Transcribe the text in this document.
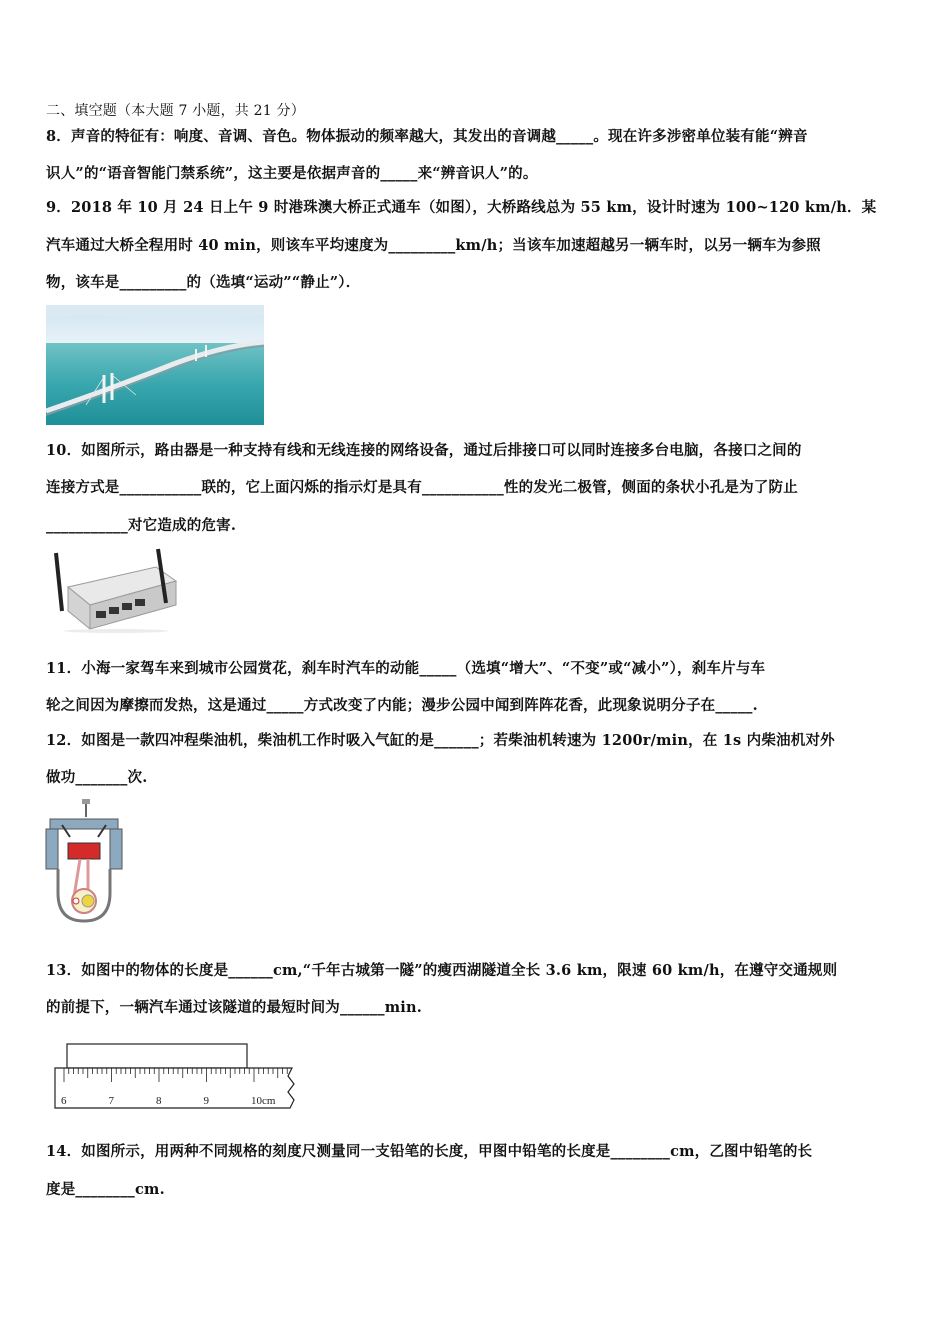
二、填空题（本大题 7 小题，共 21 分）
8．声音的特征有：响度、音调、音色。物体振动的频率越大，其发出的音调越_____。现在许多涉密单位装有能“辨音
识人”的“语音智能门禁系统”，这主要是依据声音的_____来“辨音识人”的。
9．2018 年 10 月 24 日上午 9 时港珠澳大桥正式通车（如图），大桥路线总为 55 km，设计时速为 100~120 km/h．某
汽车通过大桥全程用时 40 min，则该车平均速度为_________km/h；当该车加速超越另一辆车时，以另一辆车为参照
物，该车是_________的（选填“运动”“静止”）．
10．如图所示，路由器是一种支持有线和无线连接的网络设备，通过后排接口可以同时连接多台电脑，各接口之间的
连接方式是___________联的，它上面闪烁的指示灯是具有___________性的发光二极管，侧面的条状小孔是为了防止
___________对它造成的危害.
11．小海一家驾车来到城市公园赏花，刹车时汽车的动能_____（选填“增大”、“不变”或“减小”），刹车片与车
轮之间因为摩擦而发热，这是通过_____方式改变了内能；漫步公园中闻到阵阵花香，此现象说明分子在_____.
12．如图是一款四冲程柴油机，柴油机工作时吸入气缸的是______；若柴油机转速为 1200r/min，在 1s 内柴油机对外
做功_______次.
13．如图中的物体的长度是______cm,“千年古城第一隧”的瘦西湖隧道全长 3.6 km，限速 60 km/h，在遵守交通规则
的前提下，一辆汽车通过该隧道的最短时间为______min.
6	7	8	9	10cm
14．如图所示，用两种不同规格的刻度尺测量同一支铅笔的长度，甲图中铅笔的长度是________cm，乙图中铅笔的长
度是________cm.
